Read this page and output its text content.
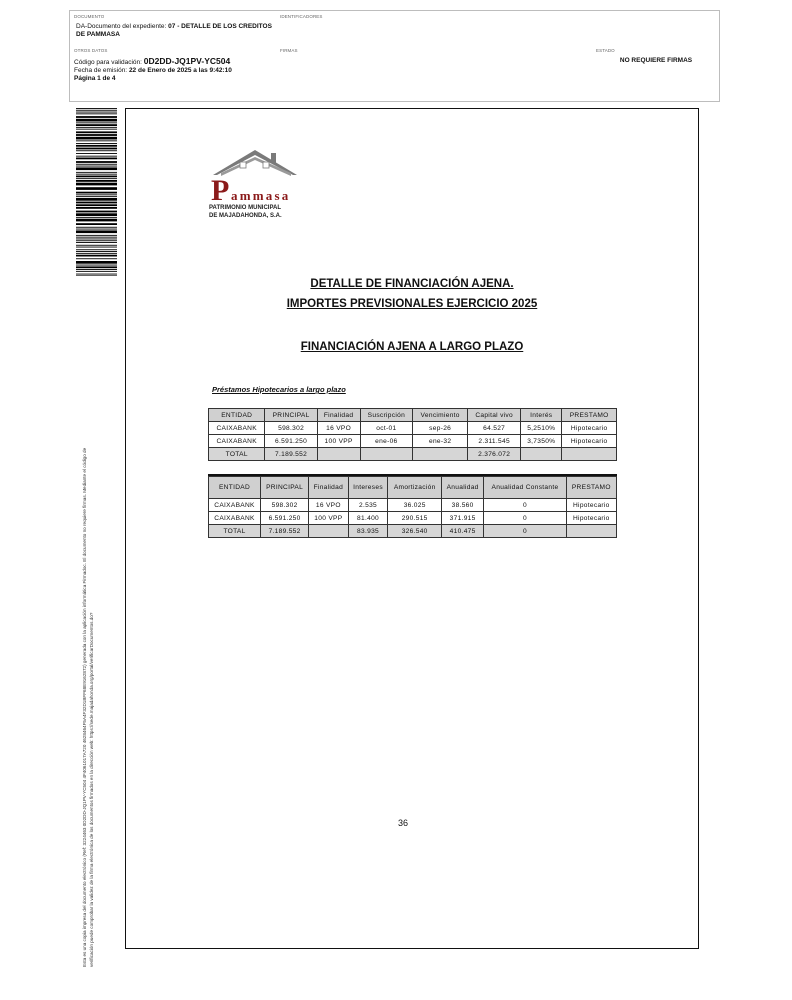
DOCUMENTO
DA-Documento del expediente: 07 - DETALLE DE LOS CREDITOS DE PAMMASA
IDENTIFICADORES
OTROS DATOS
Código para validación: 0D2DD-JQ1PV-YC504
Fecha de emisión: 22 de Enero de 2025 a las 9:42:10
Página 1 de 4
FIRMAS	ESTADO
NO REQUIERE FIRMAS
Esta es una copia impresa del documento electrónico (Ref: 3224463 0D2DD-JQ1PV-YC504 4F4061017A720 4628464F5A4F32D1BFF68E9162872) generada con la aplicación informática Firmadoc. El documento no requiere firmas. Mediante el código de verificación puede comprobar la validez de la firma electrónica de los documentos firmados en la dirección web: https://sede.majadahonda.org/portal/verificarDocumentos.do?
P ammasa
PATRIMONIO MUNICIPAL
DE MAJADAHONDA, S.A.
DETALLE DE FINANCIACIÓN AJENA.
IMPORTES PREVISIONALES EJERCICIO 2025
FINANCIACIÓN AJENA A LARGO PLAZO
Préstamos Hipotecarios a largo plazo
ENTIDAD	PRINCIPAL	Finalidad	Suscripción	Vencimiento	Capital vivo	Interés	PRESTAMO
CAIXABANK	598.302	16 VPO	oct-01	sep-26	64.527	5,2510%	Hipotecario
CAIXABANK	6.591.250	100 VPP	ene-06	ene-32	2.311.545	3,7350%	Hipotecario
TOTAL	7.189.552				2.376.072		
ENTIDAD	PRINCIPAL	Finalidad	Intereses	Amortización	Anualidad	Anualidad Constante	PRESTAMO
CAIXABANK	598.302	16 VPO	2.535	36.025	38.560	0	Hipotecario
CAIXABANK	6.591.250	100 VPP	81.400	290.515	371.915	0	Hipotecario
TOTAL	7.189.552		83.935	326.540	410.475	0	
36
